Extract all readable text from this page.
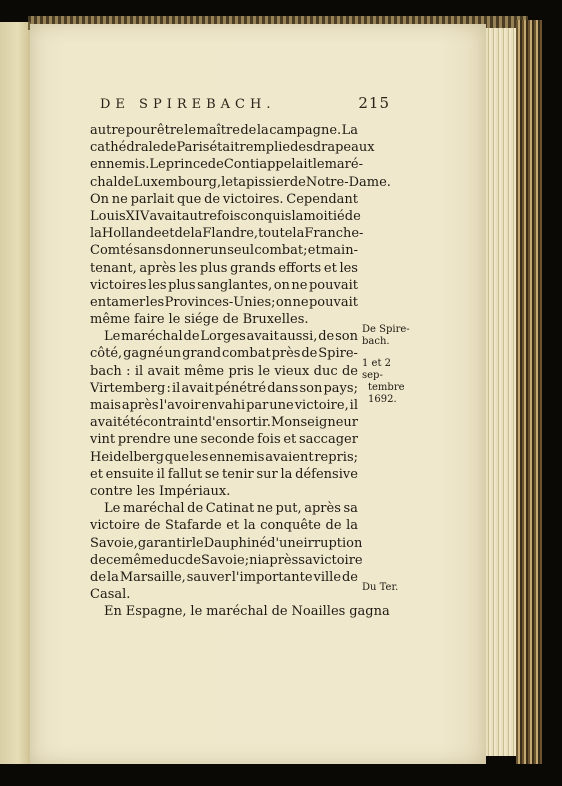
DE SPIREBACH.	215
autre pour être le maître de la campagne. La
cathédrale de Paris était remplie des drapeaux
ennemis. Le prince de Conti appelait le maré-
chal de Luxembourg, le tapissier de Notre-Dame.
On ne parlait que de victoires. Cependant
Louis XIV avait autrefois conquis la moitié de
la Hollande et de la Flandre, toute la Franche-
Comté sans donner un seul combat; et main-
tenant, après les plus grands efforts et les
victoires les plus sanglantes, on ne pouvait
entamer les Provinces-Unies; on ne pouvait
même faire le siége de Bruxelles.
Le maréchal de Lorges avait aussi, de son
côté, gagné un grand combat près de Spire-
bach : il avait même pris le vieux duc de
Virtemberg : il avait pénétré dans son pays;
mais après l'avoir envahi par une victoire, il
avait été contraint d'en sortir. Monseigneur
vint prendre une seconde fois et saccager
Heidelberg que les ennemis avaient repris;
et ensuite il fallut se tenir sur la défensive
contre les Impériaux.
Le maréchal de Catinat ne put, après sa
victoire de Stafarde et la conquête de la
Savoie, garantir le Dauphiné d'une irruption
de ce même duc de Savoie; ni après sa victoire
de la Marsaille, sauver l'importante ville de
Casal.
En Espagne, le maréchal de Noailles gagna
De Spire-
bach.
1 et 2 sep-
tembre
1692.
Du Ter.
